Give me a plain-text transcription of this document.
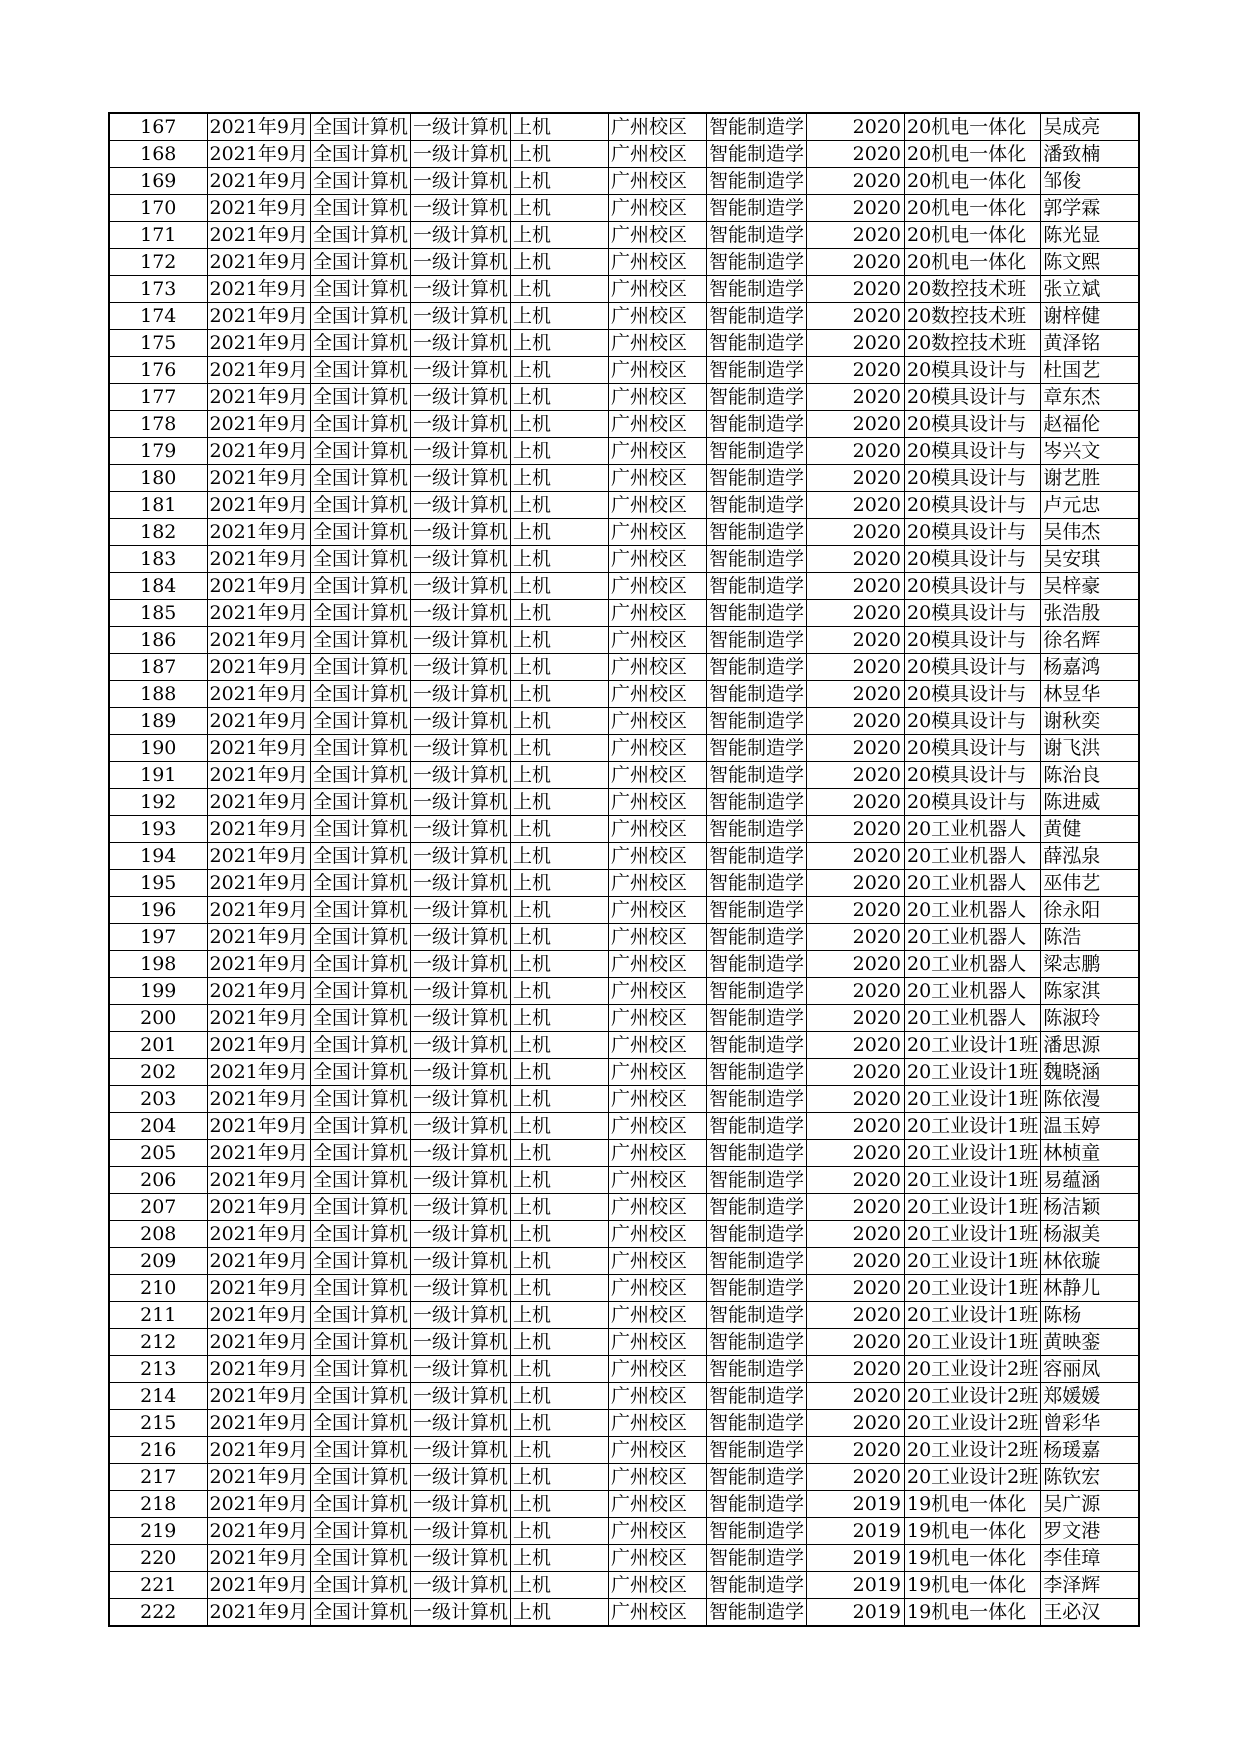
167	2021年9月	全国计算机	一级计算机	上机	广州校区	智能制造学	2020	20机电一体化	吴成亮
168	2021年9月	全国计算机	一级计算机	上机	广州校区	智能制造学	2020	20机电一体化	潘致楠
169	2021年9月	全国计算机	一级计算机	上机	广州校区	智能制造学	2020	20机电一体化	邹俊
170	2021年9月	全国计算机	一级计算机	上机	广州校区	智能制造学	2020	20机电一体化	郭学霖
171	2021年9月	全国计算机	一级计算机	上机	广州校区	智能制造学	2020	20机电一体化	陈光显
172	2021年9月	全国计算机	一级计算机	上机	广州校区	智能制造学	2020	20机电一体化	陈文熙
173	2021年9月	全国计算机	一级计算机	上机	广州校区	智能制造学	2020	20数控技术班	张立斌
174	2021年9月	全国计算机	一级计算机	上机	广州校区	智能制造学	2020	20数控技术班	谢梓健
175	2021年9月	全国计算机	一级计算机	上机	广州校区	智能制造学	2020	20数控技术班	黄泽铭
176	2021年9月	全国计算机	一级计算机	上机	广州校区	智能制造学	2020	20模具设计与	杜国艺
177	2021年9月	全国计算机	一级计算机	上机	广州校区	智能制造学	2020	20模具设计与	章东杰
178	2021年9月	全国计算机	一级计算机	上机	广州校区	智能制造学	2020	20模具设计与	赵福伦
179	2021年9月	全国计算机	一级计算机	上机	广州校区	智能制造学	2020	20模具设计与	岑兴文
180	2021年9月	全国计算机	一级计算机	上机	广州校区	智能制造学	2020	20模具设计与	谢艺胜
181	2021年9月	全国计算机	一级计算机	上机	广州校区	智能制造学	2020	20模具设计与	卢元忠
182	2021年9月	全国计算机	一级计算机	上机	广州校区	智能制造学	2020	20模具设计与	吴伟杰
183	2021年9月	全国计算机	一级计算机	上机	广州校区	智能制造学	2020	20模具设计与	吴安琪
184	2021年9月	全国计算机	一级计算机	上机	广州校区	智能制造学	2020	20模具设计与	吴梓豪
185	2021年9月	全国计算机	一级计算机	上机	广州校区	智能制造学	2020	20模具设计与	张浩殷
186	2021年9月	全国计算机	一级计算机	上机	广州校区	智能制造学	2020	20模具设计与	徐名辉
187	2021年9月	全国计算机	一级计算机	上机	广州校区	智能制造学	2020	20模具设计与	杨嘉鸿
188	2021年9月	全国计算机	一级计算机	上机	广州校区	智能制造学	2020	20模具设计与	林昱华
189	2021年9月	全国计算机	一级计算机	上机	广州校区	智能制造学	2020	20模具设计与	谢秋奕
190	2021年9月	全国计算机	一级计算机	上机	广州校区	智能制造学	2020	20模具设计与	谢飞洪
191	2021年9月	全国计算机	一级计算机	上机	广州校区	智能制造学	2020	20模具设计与	陈治良
192	2021年9月	全国计算机	一级计算机	上机	广州校区	智能制造学	2020	20模具设计与	陈进威
193	2021年9月	全国计算机	一级计算机	上机	广州校区	智能制造学	2020	20工业机器人	黄健
194	2021年9月	全国计算机	一级计算机	上机	广州校区	智能制造学	2020	20工业机器人	薛泓泉
195	2021年9月	全国计算机	一级计算机	上机	广州校区	智能制造学	2020	20工业机器人	巫伟艺
196	2021年9月	全国计算机	一级计算机	上机	广州校区	智能制造学	2020	20工业机器人	徐永阳
197	2021年9月	全国计算机	一级计算机	上机	广州校区	智能制造学	2020	20工业机器人	陈浩
198	2021年9月	全国计算机	一级计算机	上机	广州校区	智能制造学	2020	20工业机器人	梁志鹏
199	2021年9月	全国计算机	一级计算机	上机	广州校区	智能制造学	2020	20工业机器人	陈家淇
200	2021年9月	全国计算机	一级计算机	上机	广州校区	智能制造学	2020	20工业机器人	陈淑玲
201	2021年9月	全国计算机	一级计算机	上机	广州校区	智能制造学	2020	20工业设计1班	潘思源
202	2021年9月	全国计算机	一级计算机	上机	广州校区	智能制造学	2020	20工业设计1班	魏晓涵
203	2021年9月	全国计算机	一级计算机	上机	广州校区	智能制造学	2020	20工业设计1班	陈依漫
204	2021年9月	全国计算机	一级计算机	上机	广州校区	智能制造学	2020	20工业设计1班	温玉婷
205	2021年9月	全国计算机	一级计算机	上机	广州校区	智能制造学	2020	20工业设计1班	林桢童
206	2021年9月	全国计算机	一级计算机	上机	广州校区	智能制造学	2020	20工业设计1班	易蕴涵
207	2021年9月	全国计算机	一级计算机	上机	广州校区	智能制造学	2020	20工业设计1班	杨洁颖
208	2021年9月	全国计算机	一级计算机	上机	广州校区	智能制造学	2020	20工业设计1班	杨淑美
209	2021年9月	全国计算机	一级计算机	上机	广州校区	智能制造学	2020	20工业设计1班	林依璇
210	2021年9月	全国计算机	一级计算机	上机	广州校区	智能制造学	2020	20工业设计1班	林静儿
211	2021年9月	全国计算机	一级计算机	上机	广州校区	智能制造学	2020	20工业设计1班	陈杨
212	2021年9月	全国计算机	一级计算机	上机	广州校区	智能制造学	2020	20工业设计1班	黄映銮
213	2021年9月	全国计算机	一级计算机	上机	广州校区	智能制造学	2020	20工业设计2班	容丽凤
214	2021年9月	全国计算机	一级计算机	上机	广州校区	智能制造学	2020	20工业设计2班	郑媛媛
215	2021年9月	全国计算机	一级计算机	上机	广州校区	智能制造学	2020	20工业设计2班	曾彩华
216	2021年9月	全国计算机	一级计算机	上机	广州校区	智能制造学	2020	20工业设计2班	杨瑗嘉
217	2021年9月	全国计算机	一级计算机	上机	广州校区	智能制造学	2020	20工业设计2班	陈钦宏
218	2021年9月	全国计算机	一级计算机	上机	广州校区	智能制造学	2019	19机电一体化	吴广源
219	2021年9月	全国计算机	一级计算机	上机	广州校区	智能制造学	2019	19机电一体化	罗文港
220	2021年9月	全国计算机	一级计算机	上机	广州校区	智能制造学	2019	19机电一体化	李佳璋
221	2021年9月	全国计算机	一级计算机	上机	广州校区	智能制造学	2019	19机电一体化	李泽辉
222	2021年9月	全国计算机	一级计算机	上机	广州校区	智能制造学	2019	19机电一体化	王必汉
